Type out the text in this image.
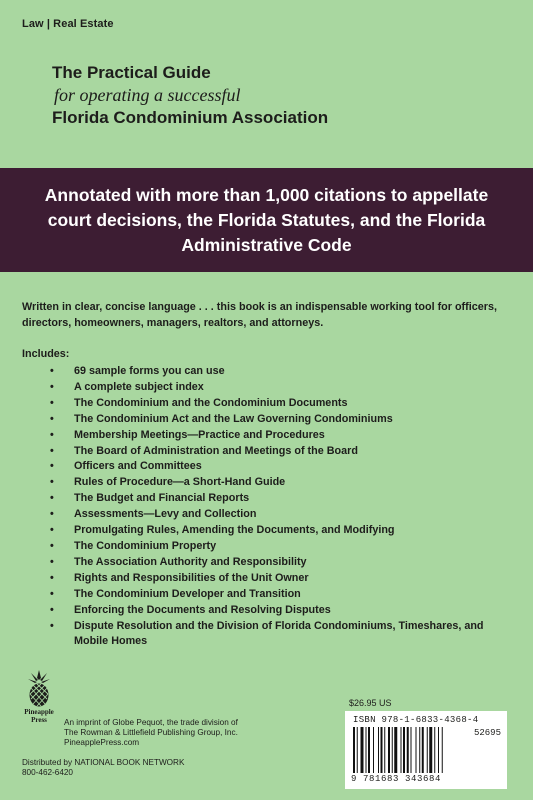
Law | Real Estate
The Practical Guide
for operating a successful
Florida Condominium Association
Annotated with more than 1,000 citations to appellate court decisions, the Florida Statutes, and the Florida Administrative Code
Written in clear, concise language . . . this book is an indispensable working tool for officers, directors, homeowners, managers, realtors, and attorneys.
Includes:
• 69 sample forms you can use
• A complete subject index
• The Condominium and the Condominium Documents
• The Condominium Act and the Law Governing Condominiums
• Membership Meetings—Practice and Procedures
• The Board of Administration and Meetings of the Board
• Officers and Committees
• Rules of Procedure—a Short-Hand Guide
• The Budget and Financial Reports
• Assessments—Levy and Collection
• Promulgating Rules, Amending the Documents, and Modifying
• The Condominium Property
• The Association Authority and Responsibility
• Rights and Responsibilities of the Unit Owner
• The Condominium Developer and Transition
• Enforcing the Documents and Resolving Disputes
• Dispute Resolution and the Division of Florida Condominiums, Timeshares, and Mobile Homes
Pineapple
Press	An imprint of Globe Pequot, the trade division of
The Rowman & Littlefield Publishing Group, Inc.
PineapplePress.com
Distributed by NATIONAL BOOK NETWORK
800-462-6420
$26.95 US
ISBN 978-1-6833-4368-4
52695
9 781683 343684
